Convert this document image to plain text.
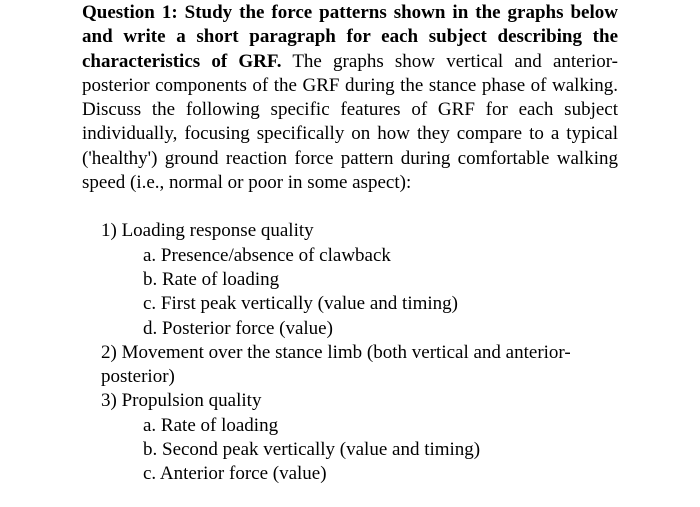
Question 1: Study the force patterns shown in the graphs below and write a short paragraph for each subject describing the characteristics of GRF. The graphs show vertical and anterior-posterior components of the GRF during the stance phase of walking. Discuss the following specific features of GRF for each subject individually, focusing specifically on how they compare to a typical ('healthy') ground reaction force pattern during comfortable walking speed (i.e., normal or poor in some aspect):

1) Loading response quality
a. Presence/absence of clawback
b. Rate of loading
c. First peak vertically (value and timing)
d. Posterior force (value)
2) Movement over the stance limb (both vertical and anterior-
posterior)
3) Propulsion quality
a. Rate of loading
b. Second peak vertically (value and timing)
c. Anterior force (value)
